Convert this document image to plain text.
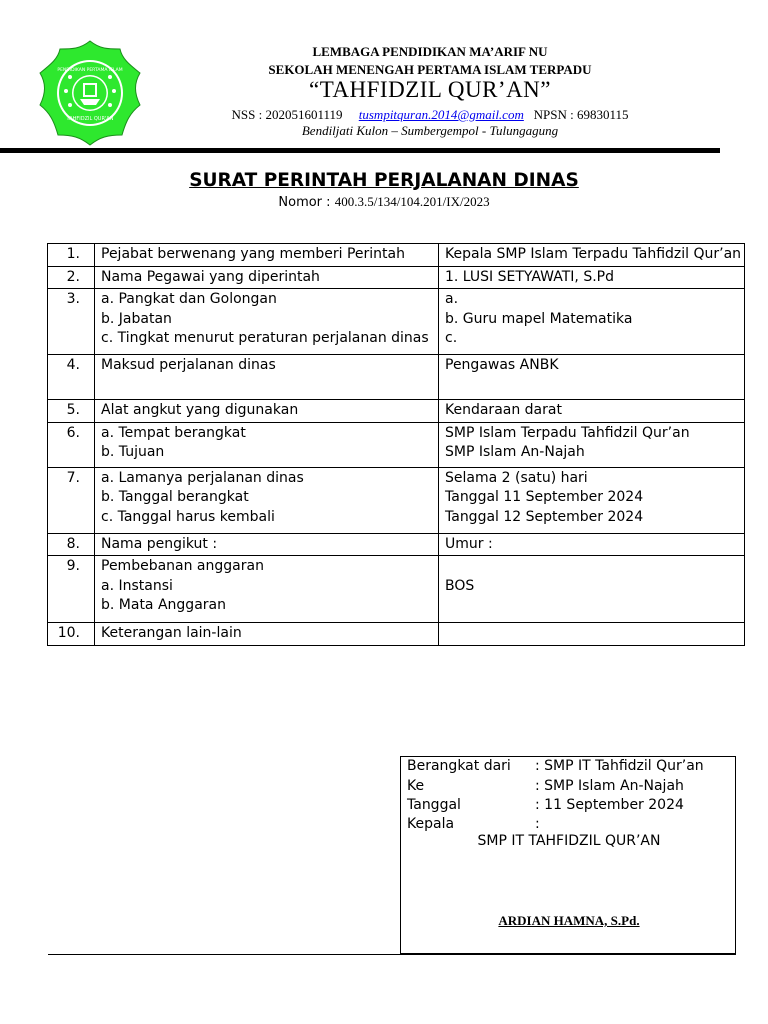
PENDIDIKAN PERTAMA ISLAM
TAHFIDZIL QUR'AN
LEMBAGA PENDIDIKAN MA’ARIF NU
SEKOLAH MENENGAH PERTAMA ISLAM TERPADU
“TAHFIDZIL QUR’AN”
NSS : 202051601119 tusmpitquran.2014@gmail.com NPSN : 69830115
Bendiljati Kulon – Sumbergempol - Tulungagung
SURAT PERINTAH PERJALANAN DINAS
Nomor : 400.3.5/134/104.201/IX/2023
1.	Pejabat berwenang yang memberi Perintah	Kepala SMP Islam Terpadu Tahfidzil Qur’an

2.	Nama Pegawai yang diperintah	1. LUSI SETYAWATI, S.Pd

3.	a. Pangkat dan Golongan
b. Jabatan
c. Tingkat menurut peraturan perjalanan dinas	a.
b. Guru mapel Matematika
c.

4.	Maksud perjalanan dinas	Pengawas ANBK

5.	Alat angkut yang digunakan	Kendaraan darat

6.	a. Tempat berangkat
b. Tujuan	SMP Islam Terpadu Tahfidzil Qur’an
SMP Islam An-Najah

7.	a. Lamanya perjalanan dinas
b. Tanggal berangkat
c. Tanggal harus kembali	Selama 2 (satu) hari
Tanggal 11 September 2024
Tanggal 12 September 2024

8.	Nama pengikut :	Umur :

9.	Pembebanan anggaran
a. Instansi
b. Mata Anggaran	BOS

10.	Keterangan lain-lain

Berangkat dari : SMP IT Tahfidzil Qur’an
Ke	: SMP Islam An-Najah
Tanggal	: 11 September 2024
Kepala	:
SMP IT TAHFIDZIL QUR’AN
ARDIAN HAMNA, S.Pd.
